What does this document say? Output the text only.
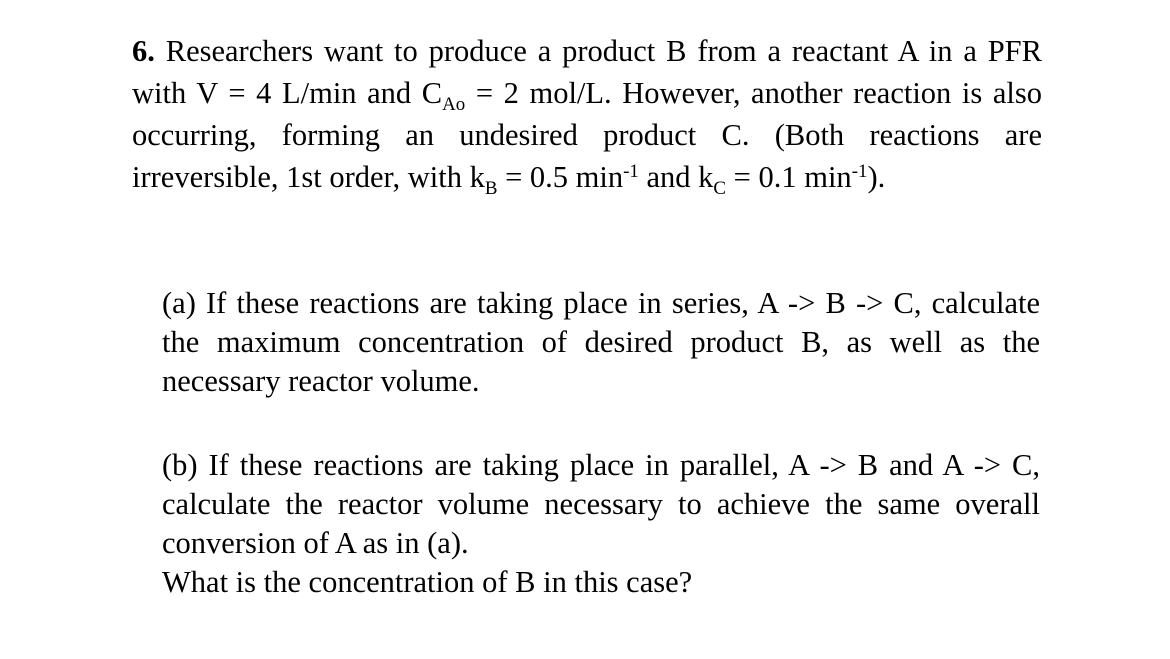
6. Researchers want to produce a product B from a reactant A in a PFR with V = 4 L/min and $C_{Ao} = 2$ mol/L. However, another reaction is also occurring, forming an undesired product C. (Both reactions are irreversible, 1st order, with $k_B = 0.5$ $\min^{-1}$ and $k_C = 0.1$ $\min^{-1}$).
(a) If these reactions are taking place in series, A -> B -> C, calculate the maximum concentration of desired product B, as well as the necessary reactor volume.
(b) If these reactions are taking place in parallel, A -> B and A -> C, calculate the reactor volume necessary to achieve the same overall conversion of A as in (a).
What is the concentration of B in this case?
